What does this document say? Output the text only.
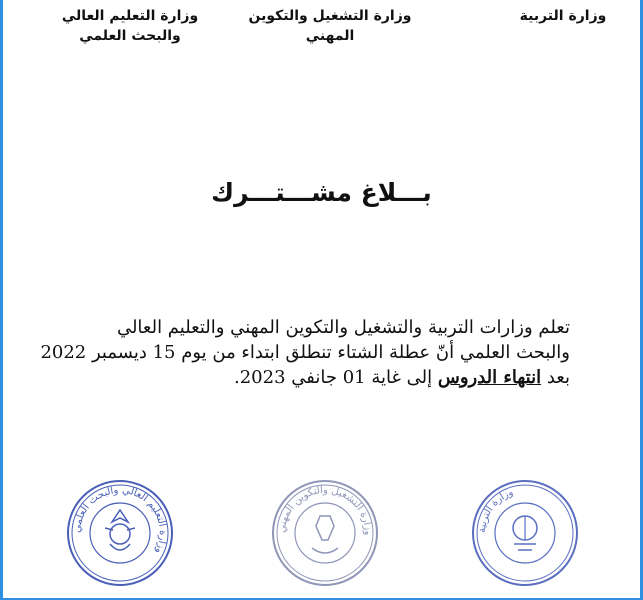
وزارة التربية
وزارة التشغيل والتكوين
المهني
وزارة التعليم العالي
والبحث العلمي
بـــلاغ مشـــتـــرك
تعلم وزارات التربية والتشغيل والتكوين المهني والتعليم العالي
والبحث العلمي أنّ عطلة الشتاء تنطلق ابتداء من يوم 15 ديسمبر 2022
بعد انتهاء الدروس إلى غاية 01 جانفي 2023.
وزارة التعليم العالي والبحث العلمي
وزارة التشغيل والتكوين المهني	وزارة التربية
